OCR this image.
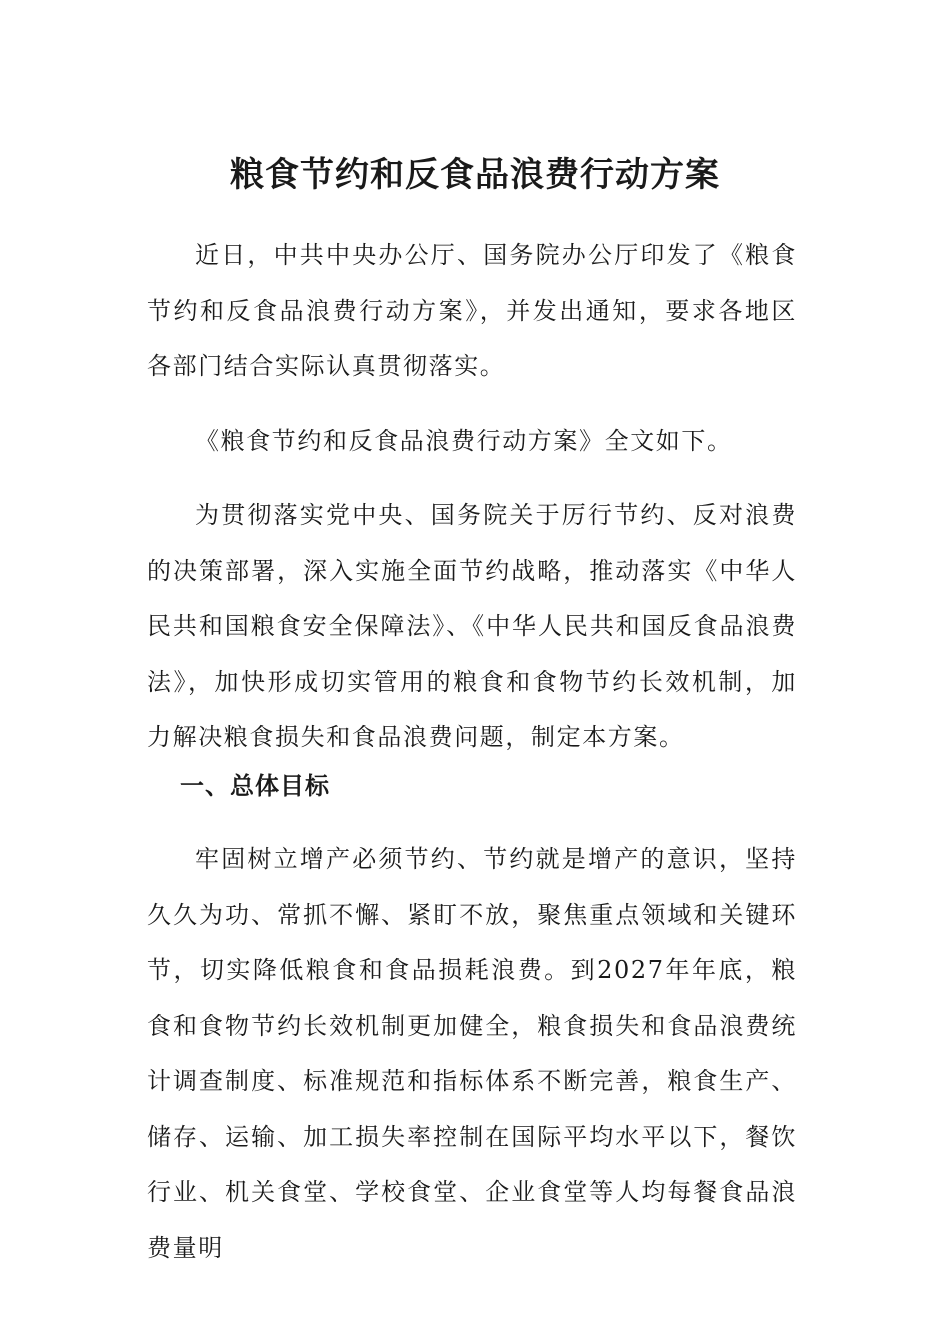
粮食节约和反食品浪费行动方案

近日，中共中央办公厅、国务院办公厅印发了《粮食节约和反食品浪费行动方案》，并发出通知，要求各地区各部门结合实际认真贯彻落实。

《粮食节约和反食品浪费行动方案》全文如下。

为贯彻落实党中央、国务院关于厉行节约、反对浪费的决策部署，深入实施全面节约战略，推动落实《中华人民共和国粮食安全保障法》、《中华人民共和国反食品浪费法》，加快形成切实管用的粮食和食物节约长效机制，加力解决粮食损失和食品浪费问题，制定本方案。

一、总体目标

牢固树立增产必须节约、节约就是增产的意识，坚持久久为功、常抓不懈、紧盯不放，聚焦重点领域和关键环节，切实降低粮食和食品损耗浪费。到2027年年底，粮食和食物节约长效机制更加健全，粮食损失和食品浪费统计调查制度、标准规范和指标体系不断完善，粮食生产、储存、运输、加工损失率控制在国际平均水平以下，餐饮行业、机关食堂、学校食堂、企业食堂等人均每餐食品浪费量明
